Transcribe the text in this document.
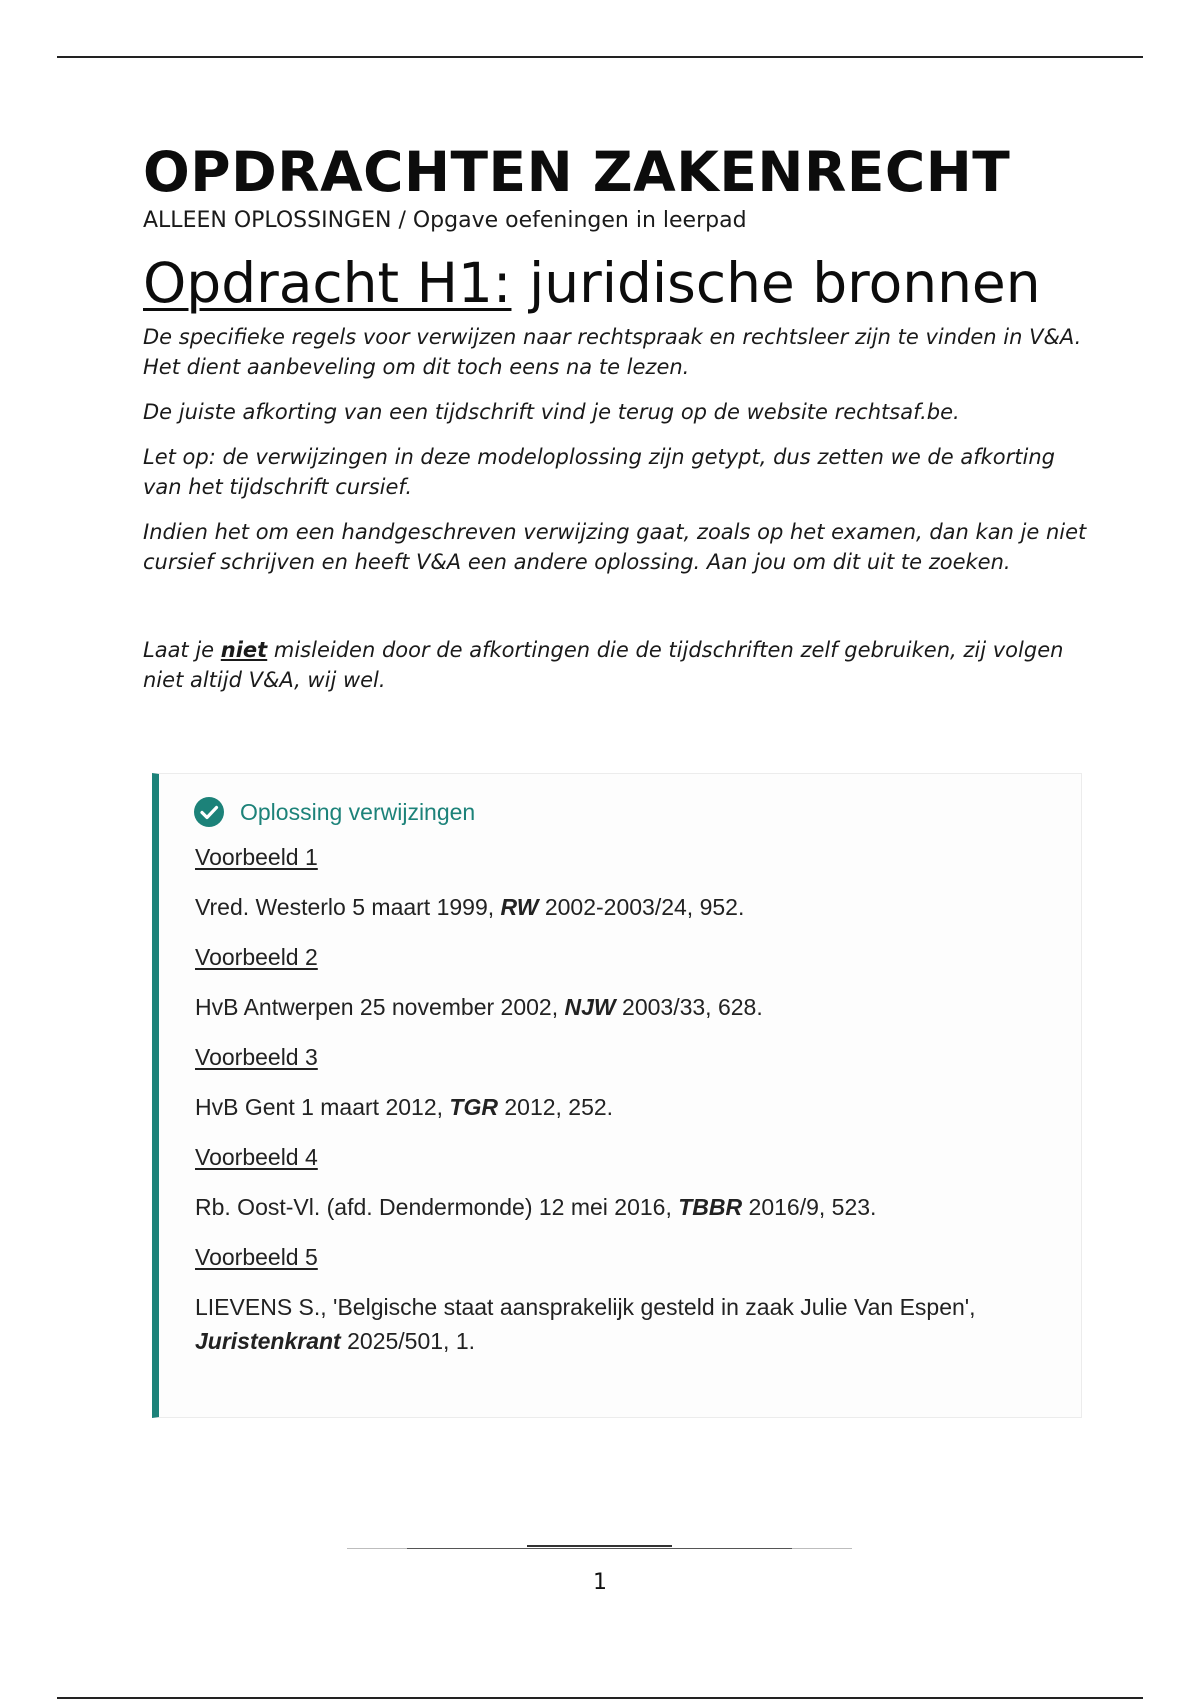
OPDRACHTEN ZAKENRECHT
ALLEEN OPLOSSINGEN / Opgave oefeningen in leerpad
Opdracht H1: juridische bronnen

De specifieke regels voor verwijzen naar rechtspraak en rechtsleer zijn te vinden in V&A. Het dient aanbeveling om dit toch eens na te lezen.

De juiste afkorting van een tijdschrift vind je terug op de website rechtsaf.be.

Let op: de verwijzingen in deze modeloplossing zijn getypt, dus zetten we de afkorting van het tijdschrift cursief.

Indien het om een handgeschreven verwijzing gaat, zoals op het examen, dan kan je niet cursief schrijven en heeft V&A een andere oplossing. Aan jou om dit uit te zoeken.

Laat je niet misleiden door de afkortingen die de tijdschriften zelf gebruiken, zij volgen niet altijd V&A, wij wel.

Oplossing verwijzingen
Voorbeeld 1
Vred. Westerlo 5 maart 1999, RW 2002-2003/24, 952.
Voorbeeld 2
HvB Antwerpen 25 november 2002, NJW 2003/33, 628.
Voorbeeld 3
HvB Gent 1 maart 2012, TGR 2012, 252.
Voorbeeld 4
Rb. Oost-Vl. (afd. Dendermonde) 12 mei 2016, TBBR 2016/9, 523.
Voorbeeld 5
LIEVENS S., 'Belgische staat aansprakelijk gesteld in zaak Julie Van Espen', Juristenkrant 2025/501, 1.
1
